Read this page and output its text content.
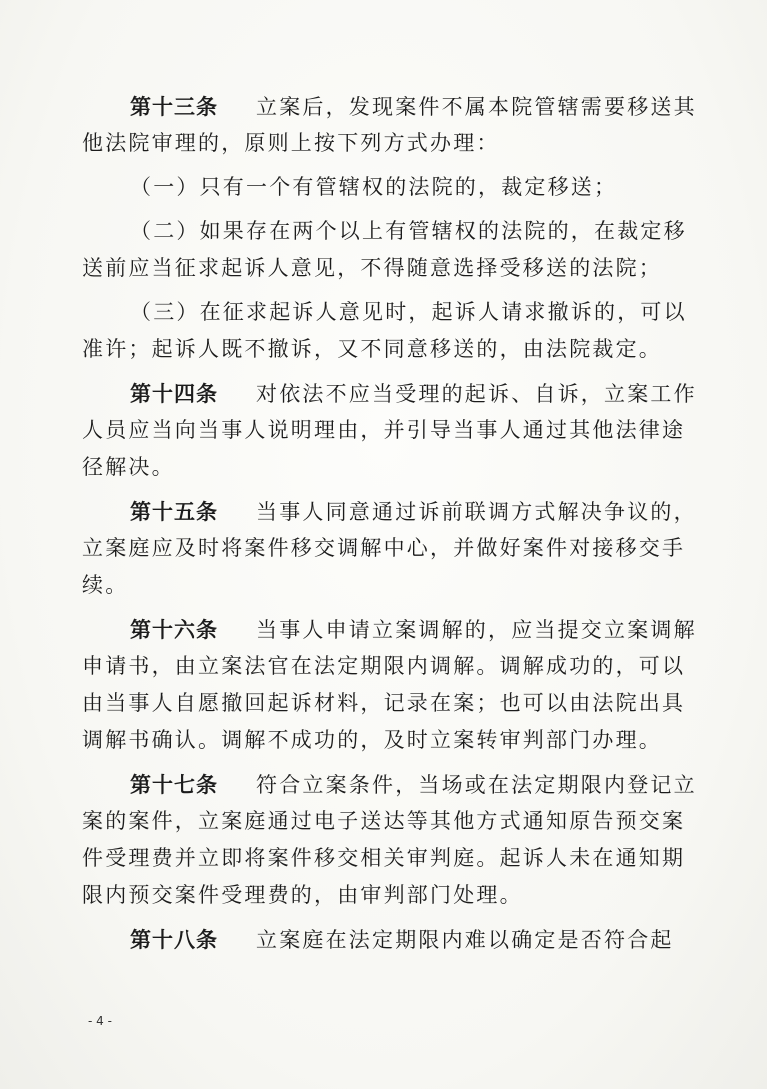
第十三条 立案后，发现案件不属本院管辖需要移送其
他法院审理的，原则上按下列方式办理：
（一）只有一个有管辖权的法院的，裁定移送；
（二）如果存在两个以上有管辖权的法院的，在裁定移
送前应当征求起诉人意见，不得随意选择受移送的法院；
（三）在征求起诉人意见时，起诉人请求撤诉的，可以
准许；起诉人既不撤诉，又不同意移送的，由法院裁定。
第十四条 对依法不应当受理的起诉、自诉，立案工作
人员应当向当事人说明理由，并引导当事人通过其他法律途
径解决。
第十五条 当事人同意通过诉前联调方式解决争议的，
立案庭应及时将案件移交调解中心，并做好案件对接移交手
续。
第十六条 当事人申请立案调解的，应当提交立案调解
申请书，由立案法官在法定期限内调解。调解成功的，可以
由当事人自愿撤回起诉材料，记录在案；也可以由法院出具
调解书确认。调解不成功的，及时立案转审判部门办理。
第十七条 符合立案条件，当场或在法定期限内登记立
案的案件，立案庭通过电子送达等其他方式通知原告预交案
件受理费并立即将案件移交相关审判庭。起诉人未在通知期
限内预交案件受理费的，由审判部门处理。
第十八条 立案庭在法定期限内难以确定是否符合起
- 4 -
